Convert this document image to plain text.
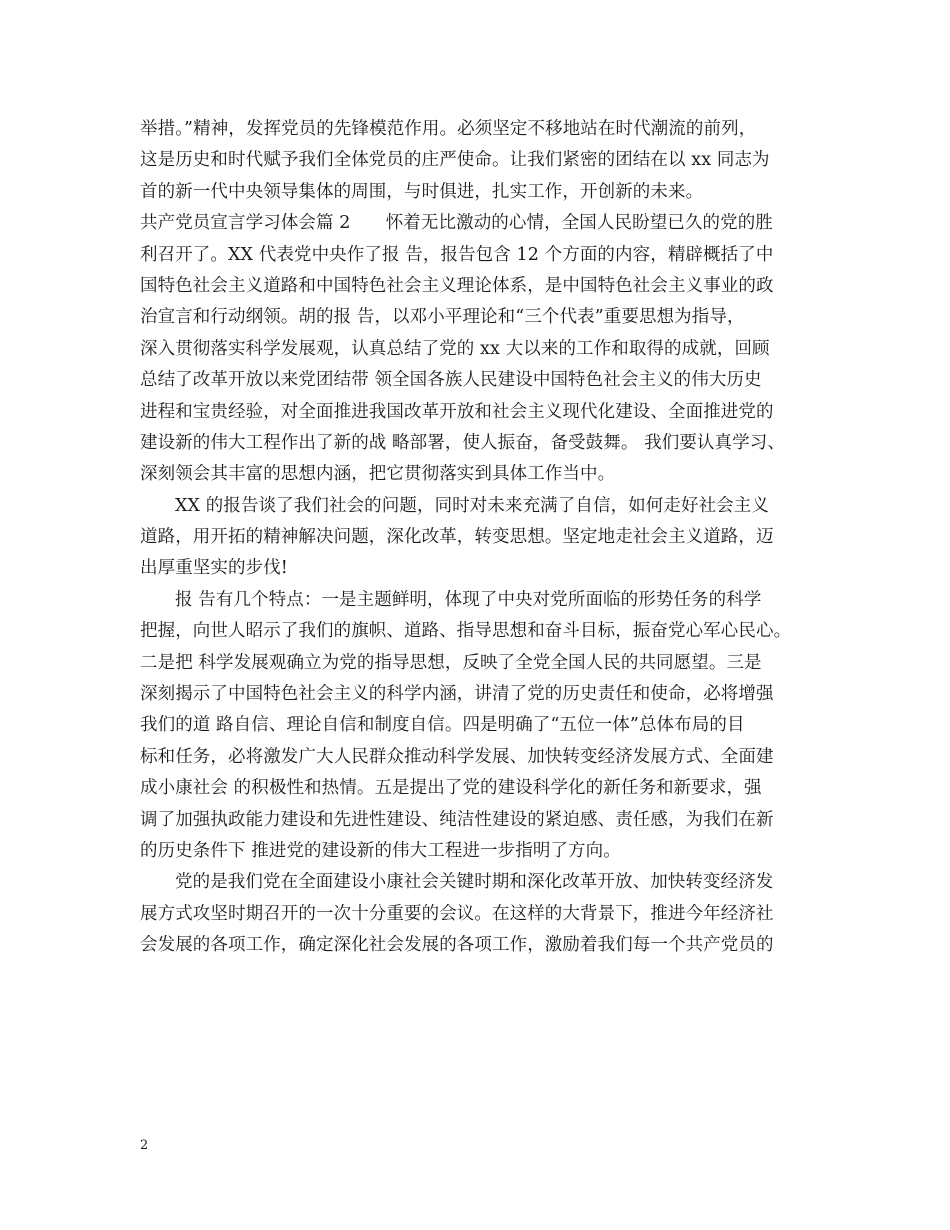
举措。”精神，发挥党员的先锋模范作用。必须坚定不移地站在时代潮流的前列，
这是历史和时代赋予我们全体党员的庄严使命。让我们紧密的团结在以 xx 同志为
首的新一代中央领导集体的周围，与时俱进，扎实工作，开创新的未来。
共产党员宣言学习体会篇 2　　怀着无比激动的心情，全国人民盼望已久的党的胜
利召开了。XX 代表党中央作了报 告，报告包含 12 个方面的内容，精辟概括了中
国特色社会主义道路和中国特色社会主义理论体系，是中国特色社会主义事业的政
治宣言和行动纲领。胡的报 告，以邓小平理论和“三个代表”重要思想为指导，
深入贯彻落实科学发展观，认真总结了党的 xx 大以来的工作和取得的成就，回顾
总结了改革开放以来党团结带 领全国各族人民建设中国特色社会主义的伟大历史
进程和宝贵经验，对全面推进我国改革开放和社会主义现代化建设、全面推进党的
建设新的伟大工程作出了新的战 略部署，使人振奋，备受鼓舞。 我们要认真学习、
深刻领会其丰富的思想内涵，把它贯彻落实到具体工作当中。
XX 的报告谈了我们社会的问题，同时对未来充满了自信，如何走好社会主义
道路，用开拓的精神解决问题，深化改革，转变思想。坚定地走社会主义道路，迈
出厚重坚实的步伐!
报 告有几个特点：一是主题鲜明，体现了中央对党所面临的形势任务的科学
把握，向世人昭示了我们的旗帜、道路、指导思想和奋斗目标，振奋党心军心民心。
二是把 科学发展观确立为党的指导思想，反映了全党全国人民的共同愿望。三是
深刻揭示了中国特色社会主义的科学内涵，讲清了党的历史责任和使命，必将增强
我们的道 路自信、理论自信和制度自信。四是明确了“五位一体”总体布局的目
标和任务，必将激发广大人民群众推动科学发展、加快转变经济发展方式、全面建
成小康社会 的积极性和热情。五是提出了党的建设科学化的新任务和新要求，强
调了加强执政能力建设和先进性建设、纯洁性建设的紧迫感、责任感，为我们在新
的历史条件下 推进党的建设新的伟大工程进一步指明了方向。
党的是我们党在全面建设小康社会关键时期和深化改革开放、加快转变经济发
展方式攻坚时期召开的一次十分重要的会议。在这样的大背景下，推进今年经济社
会发展的各项工作，确定深化社会发展的各项工作，激励着我们每一个共产党员的
2
